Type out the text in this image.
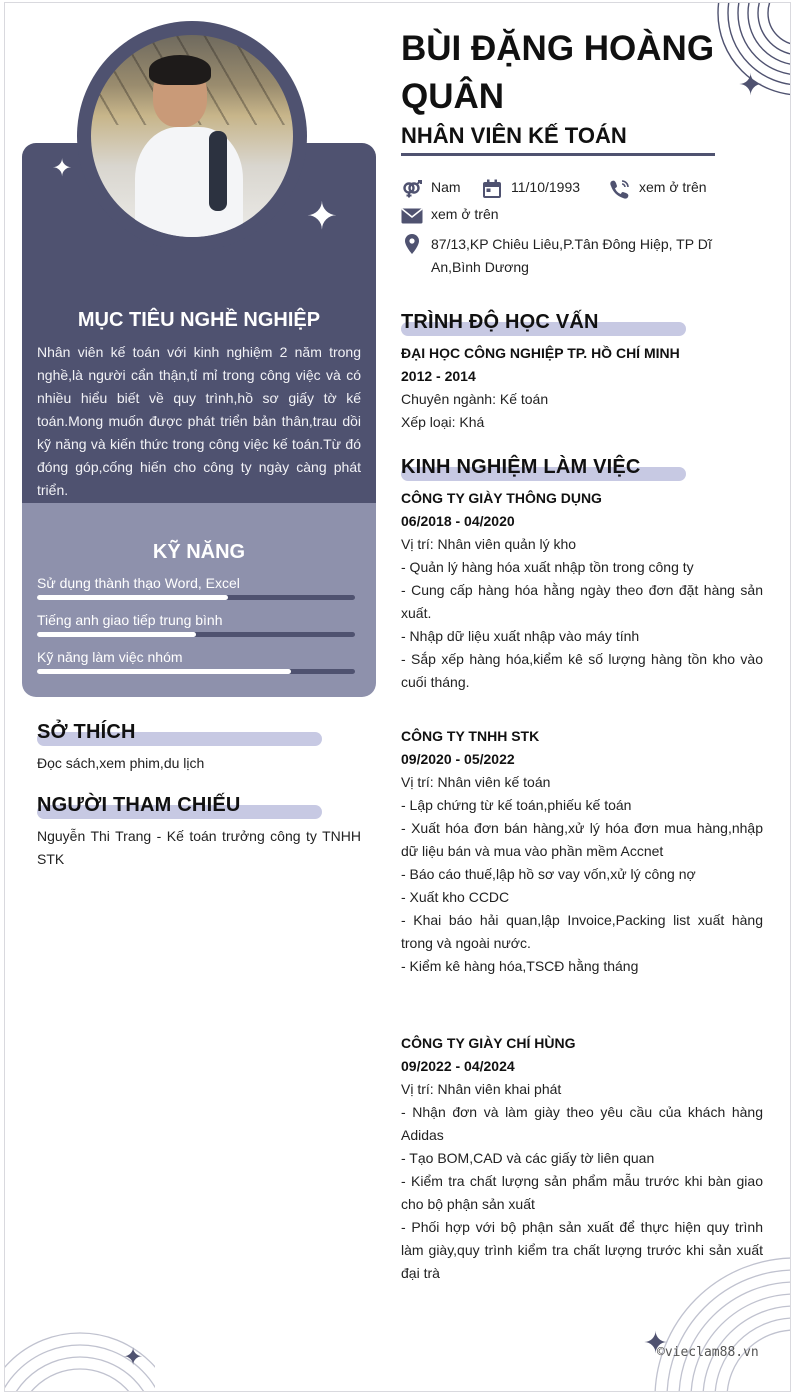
✦
✦
✦
✦
✦
MỤC TIÊU NGHỀ NGHIỆP
Nhân viên kế toán với kinh nghiệm 2 năm trong nghề,là người cẩn thận,tỉ mỉ trong công việc và có nhiều hiểu biết về quy trình,hồ sơ giấy tờ kế toán.Mong muốn được phát triển bản thân,trau dồi kỹ năng và kiến thức trong công việc kế toán.Từ đó đóng góp,cống hiến cho công ty ngày càng phát triển.
KỸ NĂNG
Sử dụng thành thạo Word, Excel
Tiếng anh giao tiếp trung bình
Kỹ năng làm việc nhóm
SỞ THÍCH
Đọc sách,xem phim,du lịch
NGƯỜI THAM CHIẾU
Nguyễn Thi Trang - Kế toán trưởng công ty TNHH STK
BÙI ĐẶNG HOÀNG QUÂN
NHÂN VIÊN KẾ TOÁN
Nam	11/10/1993	xem ở trên
xem ở trên
87/13,KP Chiêu Liêu,P.Tân Đông Hiệp, TP Dĩ An,Bình Dương
TRÌNH ĐỘ HỌC VẤN
ĐẠI HỌC CÔNG NGHIỆP TP. HỒ CHÍ MINH
2012 - 2014
Chuyên ngành: Kế toán
Xếp loại: Khá
KINH NGHIỆM LÀM VIỆC
CÔNG TY GIÀY THÔNG DỤNG
06/2018 - 04/2020
Vị trí: Nhân viên quản lý kho
- Quản lý hàng hóa xuất nhập tồn trong công ty
- Cung cấp hàng hóa hằng ngày theo đơn đặt hàng sản xuất.
- Nhập dữ liệu xuất nhập vào máy tính
- Sắp xếp hàng hóa,kiểm kê số lượng hàng tồn kho vào cuối tháng.
CÔNG TY TNHH STK
09/2020 - 05/2022
Vị trí: Nhân viên kế toán
- Lập chứng từ kế toán,phiếu kế toán
- Xuất hóa đơn bán hàng,xử lý hóa đơn mua hàng,nhập dữ liệu bán và mua vào phần mềm Accnet
- Báo cáo thuế,lập hồ sơ vay vốn,xử lý công nợ
- Xuất kho CCDC
- Khai báo hải quan,lập Invoice,Packing list xuất hàng trong và ngoài nước.
- Kiểm kê hàng hóa,TSCĐ hằng tháng
CÔNG TY GIÀY CHÍ HÙNG
09/2022 - 04/2024
Vị trí: Nhân viên khai phát
- Nhận đơn và làm giày theo yêu cầu của khách hàng Adidas
- Tạo BOM,CAD và các giấy tờ liên quan
- Kiểm tra chất lượng sản phẩm mẫu trước khi bàn giao cho bộ phận sản xuất
- Phối hợp với bộ phận sản xuất để thực hiện quy trình làm giày,quy trình kiểm tra chất lượng trước khi sản xuất đại trà
©vieclam88.vn
